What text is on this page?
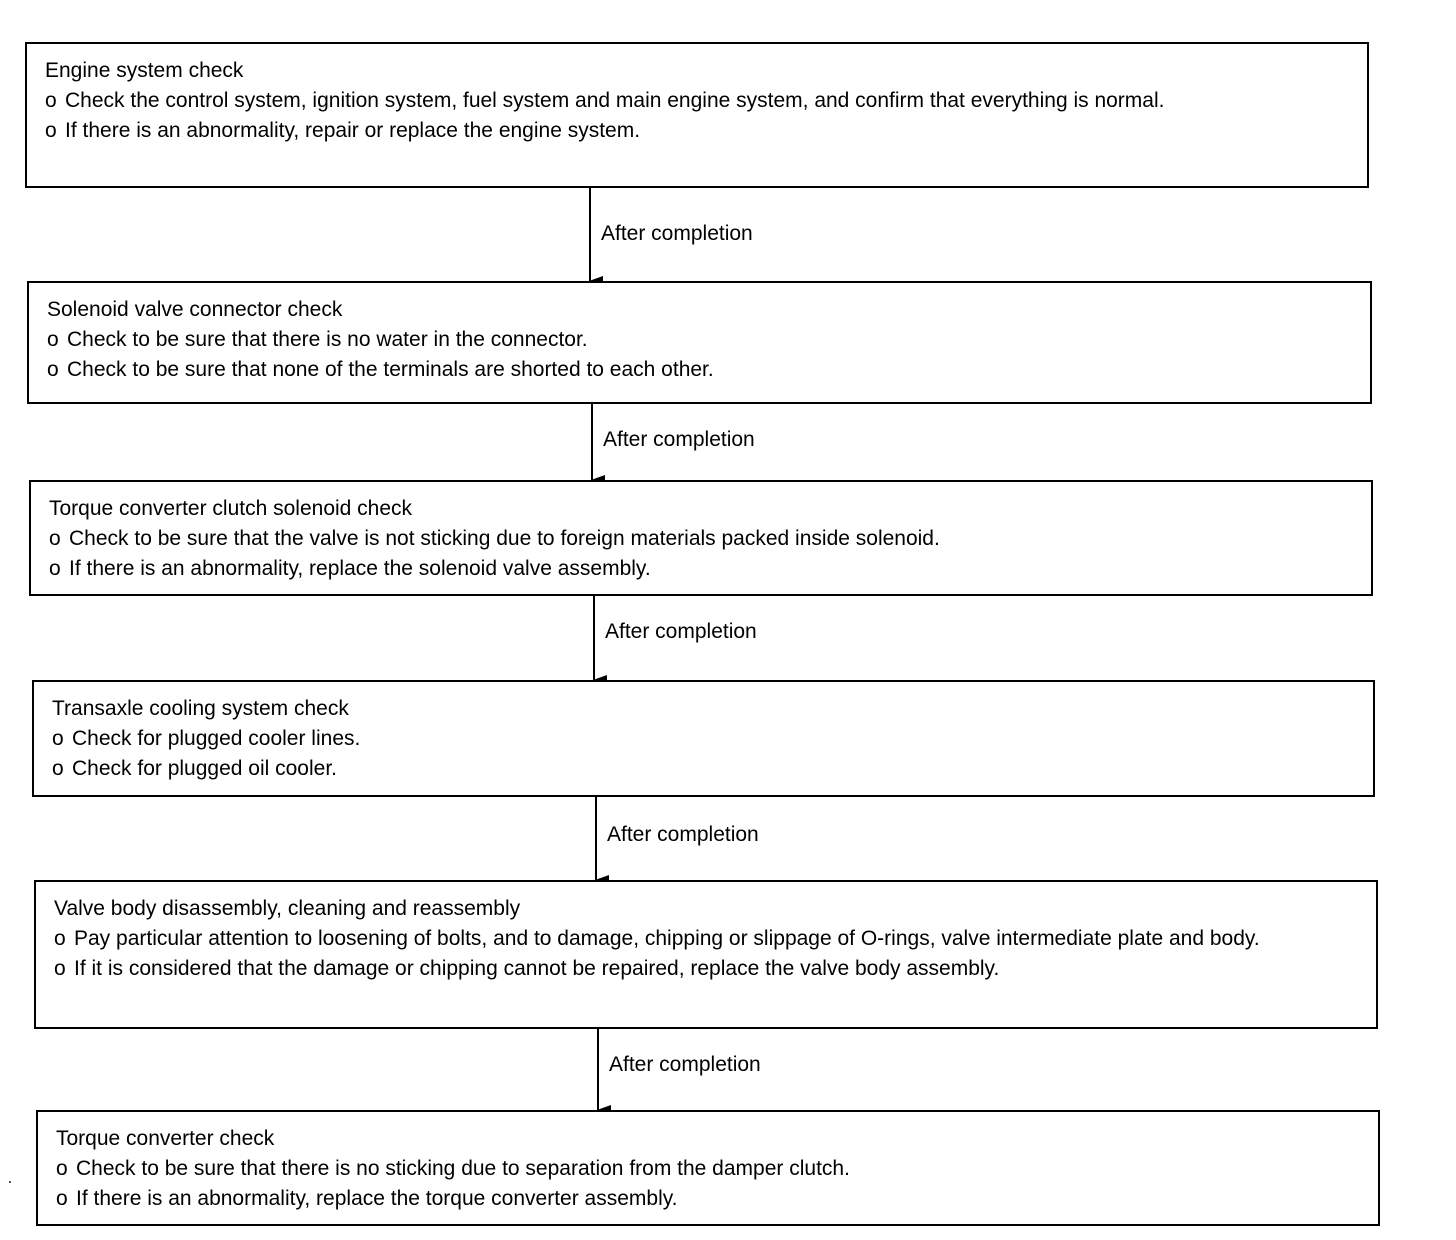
Engine system check
o Check the control system, ignition system, fuel system and main engine system, and confirm that everything is normal.
o If there is an abnormality, repair or replace the engine system.
After completion
Solenoid valve connector check
o Check to be sure that there is no water in the connector.
o Check to be sure that none of the terminals are shorted to each other.
After completion
Torque converter clutch solenoid check
o Check to be sure that the valve is not sticking due to foreign materials packed inside solenoid.
o If there is an abnormality, replace the solenoid valve assembly.
After completion
Transaxle cooling system check
o Check for plugged cooler lines.
o Check for plugged oil cooler.
After completion
Valve body disassembly, cleaning and reassembly
o Pay particular attention to loosening of bolts, and to damage, chipping or slippage of O-rings, valve intermediate plate and body.
o If it is considered that the damage or chipping cannot be repaired, replace the valve body assembly.
After completion
Torque converter check
o Check to be sure that there is no sticking due to separation from the damper clutch.
o If there is an abnormality, replace the torque converter assembly.
